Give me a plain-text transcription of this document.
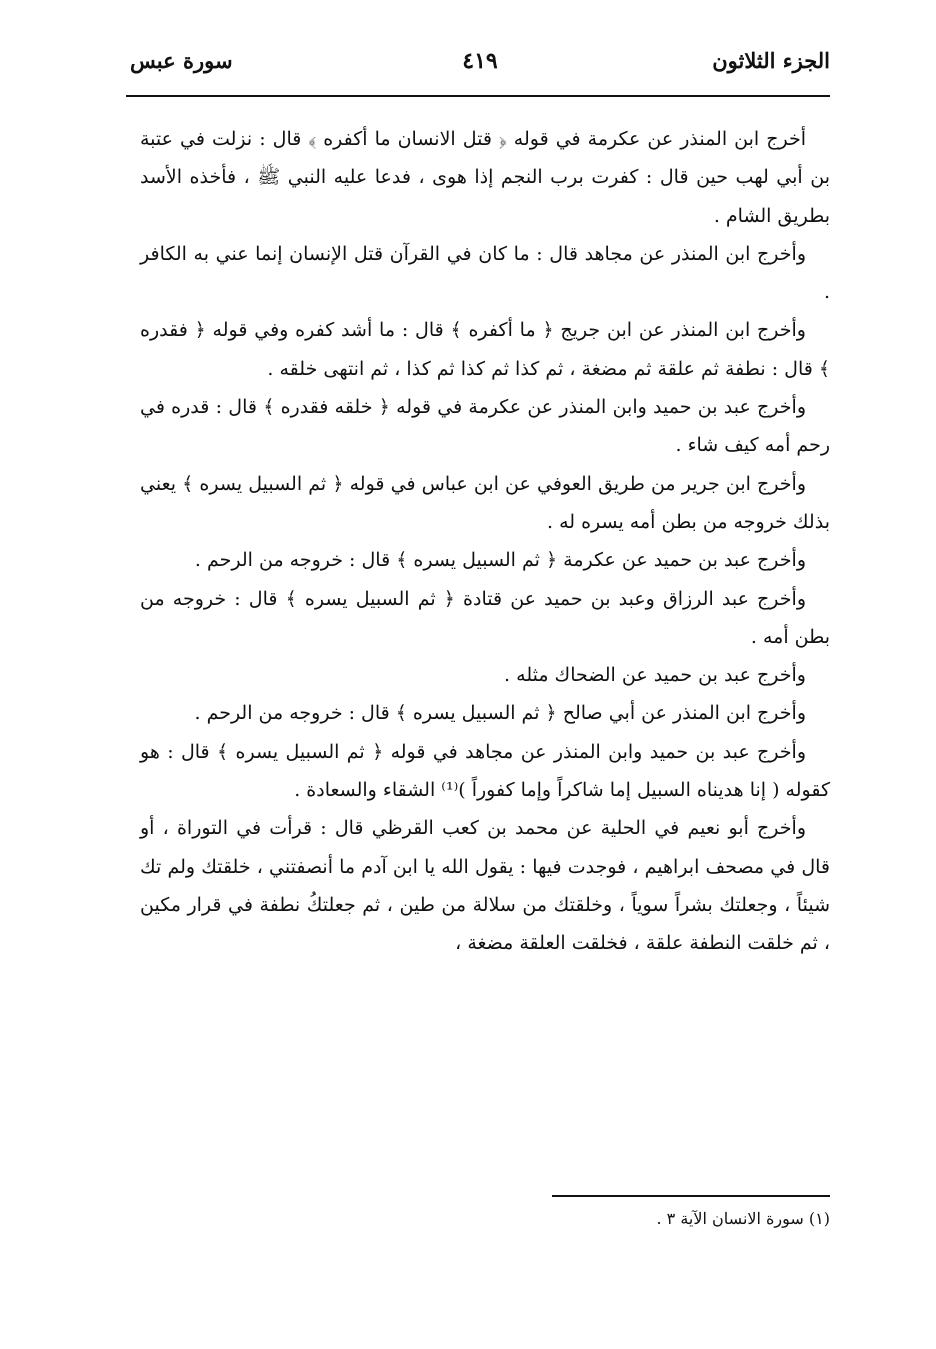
الجزء الثلاثون
٤١٩
سورة عبس

أخرج ابن المنذر عن عكرمة في قوله ﴿ قتل الانسان ما أكفره ﴾ قال : نزلت في عتبة بن أبي لهب حين قال : كفرت برب النجم إذا هوى ، فدعا عليه النبي ﷺ ، فأخذه الأسد بطريق الشام .

وأخرج ابن المنذر عن مجاهد قال : ما كان في القرآن قتل الإنسان إنما عني به الكافر .

وأخرج ابن المنذر عن ابن جريج ﴿ ما أكفره ﴾ قال : ما أشد كفره وفي قوله ﴿ فقدره ﴾ قال : نطفة ثم علقة ثم مضغة ، ثم كذا ثم كذا ثم كذا ، ثم انتهى خلقه .

وأخرج عبد بن حميد وابن المنذر عن عكرمة في قوله ﴿ خلقه فقدره ﴾ قال : قدره في رحم أمه كيف شاء .

وأخرج ابن جرير من طريق العوفي عن ابن عباس في قوله ﴿ ثم السبيل يسره ﴾ يعني بذلك خروجه من بطن أمه يسره له .

وأخرج عبد بن حميد عن عكرمة ﴿ ثم السبيل يسره ﴾ قال : خروجه من الرحم .

وأخرج عبد الرزاق وعبد بن حميد عن قتادة ﴿ ثم السبيل يسره ﴾ قال : خروجه من بطن أمه .

وأخرج عبد بن حميد عن الضحاك مثله .

وأخرج ابن المنذر عن أبي صالح ﴿ ثم السبيل يسره ﴾ قال : خروجه من الرحم .

وأخرج عبد بن حميد وابن المنذر عن مجاهد في قوله ﴿ ثم السبيل يسره ﴾ قال : هو كقوله ( إنا هديناه السبيل إما شاكراً وإما كفوراً )⁽¹⁾ الشقاء والسعادة .

وأخرج أبو نعيم في الحلية عن محمد بن كعب القرظي قال : قرأت في التوراة ، أو قال في مصحف ابراهيم ، فوجدت فيها : يقول الله يا ابن آدم ما أنصفتني ، خلقتك ولم تك شيئاً ، وجعلتك بشراً سوياً ، وخلقتك من سلالة من طين ، ثم جعلتكُ نطفة في قرار مكين ، ثم خلقت النطفة علقة ، فخلقت العلقة مضغة ،

(١) سورة الانسان الآية ٣ .
